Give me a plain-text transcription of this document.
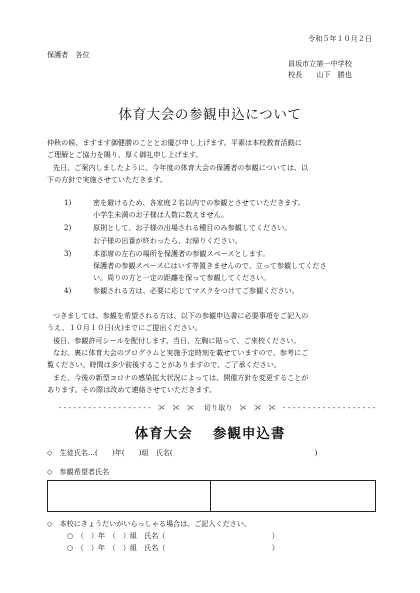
令和５年１０月２日
保護者　各位
員坂市立第一中学校
校長　　山下　勝也
体育大会の参観申込について
仲秋の候、ますます御健勝のこととお慶び申し上げます。平素は本校教育活動に
ご理解とご協力を賜り、厚く御礼申し上げます。
先日、ご案内しましたように、今年度の体育大会の保護者の参観については、以
下の方針で実施させていただきます。
1)	密を避けるため、各家庭２名以内での参観とさせていただきます。
小学生未満のお子様は人数に数えません。
2)	原則として、お子様の出場される種目のみ参観してください。
お子様の出番が終わったら、お帰りください。
3)	本部席の左右の場所を保護者の参観スペースとします。
保護者の参観スペースにはいす等置きませんので、立って参観してくださ
い。周りの方と一定の距離を保って参観してください。
4)	参観される方は、必要に応じてマスクをつけてご参観ください。
つきましては、参観を希望される方は、以下の参観申込書に必要事項をご記入の
うえ、１０月１０日(火)までにご提出ください。
後日、参観許可シールを配付します。当日、左胸に貼って、ご来校ください。
なお、裏に体育大会のプログラムと実施予定時刻を載せていますので、参考にご
覧ください。時間は多少前後することがありますので、ご了承ください。
また、今後の新型コロナの感染拡大状況によっては、開催方針を変更することが
あります。その際は改めて連絡させていただきます。
- - - - - - - - - - - - - - - - - - -　✂　✂　✂　 切り取り　✂　✂　✂　- - - - - - - - - - - - - - - - - - -
体育大会　 参観申込書
◇　生徒氏名…(　　)年(　　)組　氏名(　　　　　　　　　　　　　　　　　　　　)
◇　参観希望者氏名
◇　本校にきょうだいがいらっしゃる場合は、ご記入ください。
○　（　）年　（　）組　氏名（　　　　　　　　　　　　　　　）
○　（　）年　（　）組　氏名（　　　　　　　　　　　　　　　）
